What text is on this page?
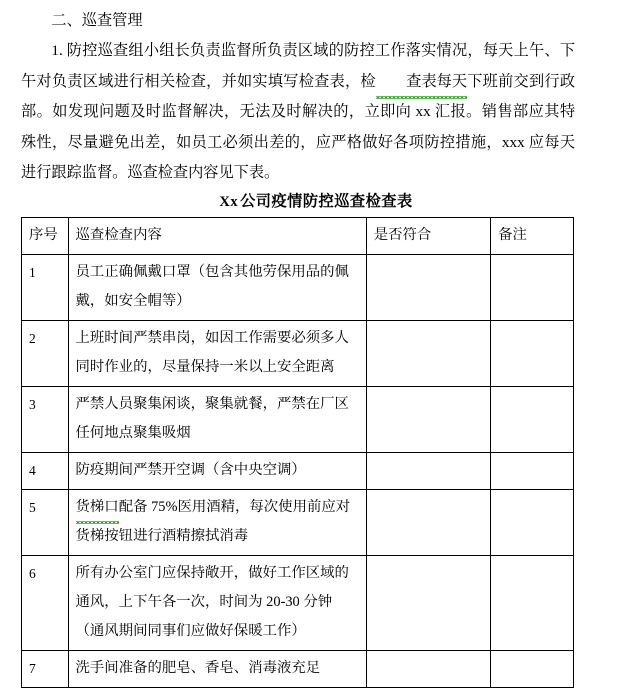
二、巡查管理

1. 防控巡查组小组长负责监督所负责区域的防控工作落实情况，每天上午、下午对负责区域进行相关检查，并如实填写检查表，检 查表每天下班前交到行政部。如发现问题及时监督解决，无法及时解决的，立即向 xx 汇报。销售部应其特殊性，尽量避免出差，如员工必须出差的，应严格做好各项防控措施，xxx 应每天进行跟踪监督。巡查检查内容见下表。

Xx 公司疫情防控巡查检查表
序号	巡查检查内容	是否符合	备注
1	员工正确佩戴口罩（包含其他劳保用品的佩戴，如安全帽等）		
2	上班时间严禁串岗，如因工作需要必须多人同时作业的，尽量保持一米以上安全距离		
3	严禁人员聚集闲谈，聚集就餐，严禁在厂区任何地点聚集吸烟		
4	防疫期间严禁开空调（含中央空调）		
5	货梯口配备 75%医用酒精，每次使用前应对货梯按钮进行酒精擦拭消毒		
6	所有办公室门应保持敞开，做好工作区域的通风，上下午各一次，时间为 20-30 分钟（通风期间同事们应做好保暖工作）		
7	洗手间准备的肥皂、香皂、消毒液充足		
